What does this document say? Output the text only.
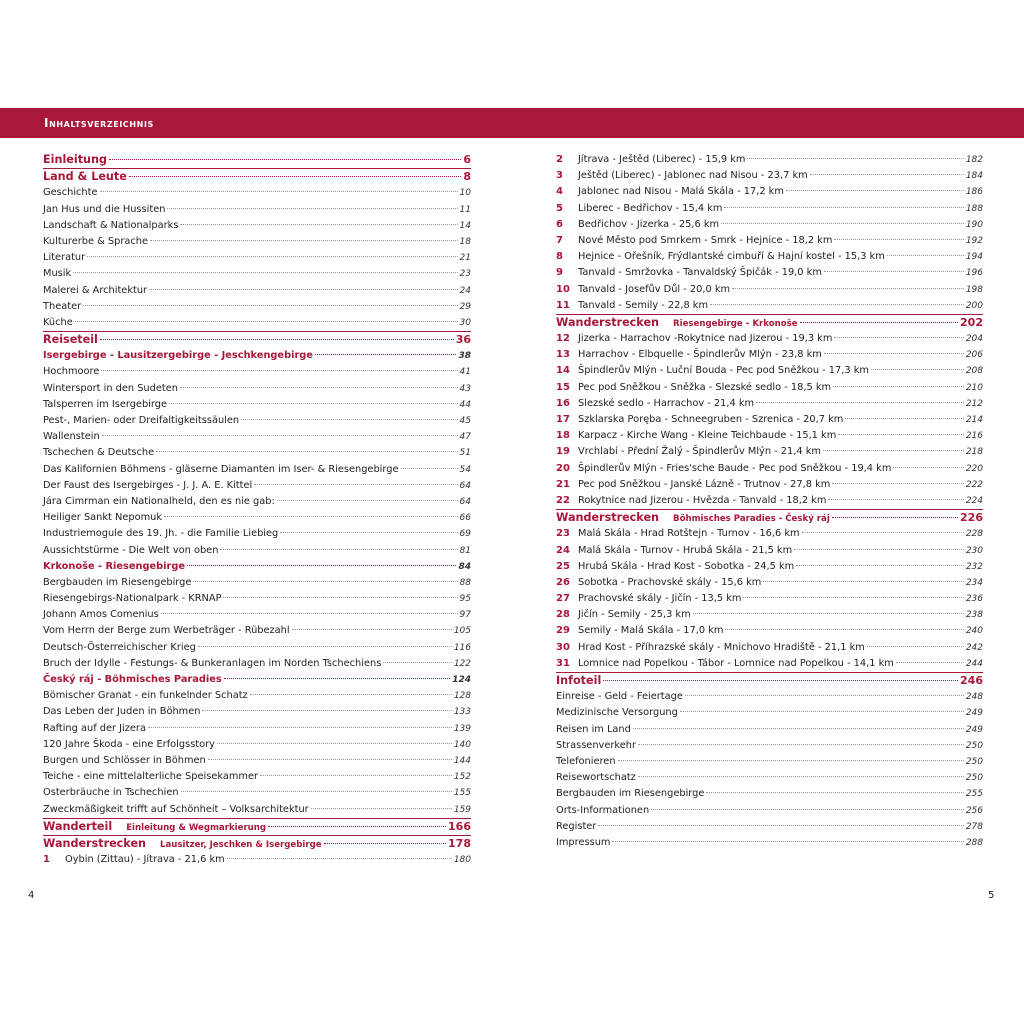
Inhaltsverzeichnis
Einleitung	6
Land & Leute	8
Geschichte	10
Jan Hus und die Hussiten	11
Landschaft & Nationalparks	14
Kulturerbe & Sprache	18
Literatur	21
Musik	23
Malerei & Architektur	24
Theater	29
Küche	30
Reiseteil	36
Isergebirge - Lausitzergebirge - Jeschkengebirge	38
Hochmoore	41
Wintersport in den Sudeten	43
Talsperren im Isergebirge	44
Pest-, Marien- oder Dreifaltigkeitssäulen	45
Wallenstein	47
Tschechen & Deutsche	51
Das Kalifornien Böhmens - gläserne Diamanten im Iser- & Riesengebirge	54
Der Faust des Isergebirges - J. J. A. E. Kittel	64
Jára Cimrman ein Nationalheld, den es nie gab:	64
Heiliger Sankt Nepomuk	66
Industriemogule des 19. Jh. - die Familie Liebieg	69
Aussichtstürme - Die Welt von oben	81
Krkonoše - Riesengebirge	84
Bergbauden im Riesengebirge	88
Riesengebirgs-Nationalpark - KRNAP	95
Johann Amos Comenius	97
Vom Herrn der Berge zum Werbeträger - Rübezahl	105
Deutsch-Österreichischer Krieg	116
Bruch der Idylle - Festungs- & Bunkeranlagen im Norden Tschechiens	122
Český ráj - Böhmisches Paradies	124
Bömischer Granat - ein funkelnder Schatz	128
Das Leben der Juden in Böhmen	133
Rafting auf der Jizera	139
120 Jahre Škoda - eine Erfolgsstory	140
Burgen und Schlösser in Böhmen	144
Teiche - eine mittelalterliche Speisekammer	152
Osterbräuche in Tschechien	155
Zweckmäßigkeit trifft auf Schönheit – Volksarchitektur	159
Wanderteil Einleitung & Wegmarkierung	166
Wanderstrecken Lausitzer, Jeschken & Isergebirge	178
1	Oybin (Zittau) - Jítrava - 21,6 km	180
2	Jítrava - Ještěd (Liberec) - 15,9 km	182
3	Ještěd (Liberec) - Jablonec nad Nisou - 23,7 km	184
4	Jablonec nad Nisou - Malá Skála - 17,2 km	186
5	Liberec - Bedřichov - 15,4 km	188
6	Bedřichov - Jizerka - 25,6 km	190
7	Nové Město pod Smrkem - Smrk - Hejnice - 18,2 km	192
8	Hejnice - Ořešník, Frýdlantské cimbuří & Hajní kostel - 15,3 km	194
9	Tanvald - Smržovka - Tanvaldský Špičák - 19,0 km	196
10 Tanvald - Josefův Důl - 20,0 km	198
11 Tanvald - Semily - 22,8 km	200
Wanderstrecken Riesengebirge - Krkonoše	202
12 Jizerka - Harrachov -Rokytnice nad Jizerou - 19,3 km	204
13 Harrachov - Elbquelle - Špindlerův Mlýn - 23,8 km	206
14 Špindlerův Mlýn - Luční Bouda - Pec pod Sněžkou - 17,3 km	208
15 Pec pod Sněžkou - Sněžka - Slezské sedlo - 18,5 km	210
16 Slezské sedlo - Harrachov - 21,4 km	212
17 Szklarska Poręba - Schneegruben - Szrenica - 20,7 km	214
18 Karpacz - Kirche Wang - Kleine Teichbaude - 15,1 km	216
19 Vrchlabí - Přední Žalý - Špindlerův Mlýn - 21,4 km	218
20 Špindlerův Mlýn - Fries'sche Baude - Pec pod Sněžkou - 19,4 km	220
21 Pec pod Sněžkou - Janské Lázně - Trutnov - 27,8 km	222
22 Rokytnice nad Jizerou - Hvězda - Tanvald - 18,2 km	224
Wanderstrecken Böhmisches Paradies - Český ráj	226
23 Malá Skála - Hrad Rotštejn - Turnov - 16,6 km	228
24 Malá Skála - Turnov - Hrubá Skála - 21,5 km	230
25 Hrubá Skála - Hrad Kost - Sobotka - 24,5 km	232
26 Sobotka - Prachovské skály - 15,6 km	234
27 Prachovské skály - Jičín - 13,5 km	236
28 Jičín - Semily - 25,3 km	238
29 Semily - Malá Skála - 17,0 km	240
30 Hrad Kost - Příhrazské skály - Mnichovo Hradiště - 21,1 km	242
31 Lomnice nad Popelkou - Tábor - Lomnice nad Popelkou - 14,1 km	244
Infoteil	246
Einreise - Geld - Feiertage	248
Medizinische Versorgung	249
Reisen im Land	249
Strassenverkehr	250
Telefonieren	250
Reisewortschatz	250
Bergbauden im Riesengebirge	255
Orts-Informationen	256
Register	278
Impressum	288
4	5
